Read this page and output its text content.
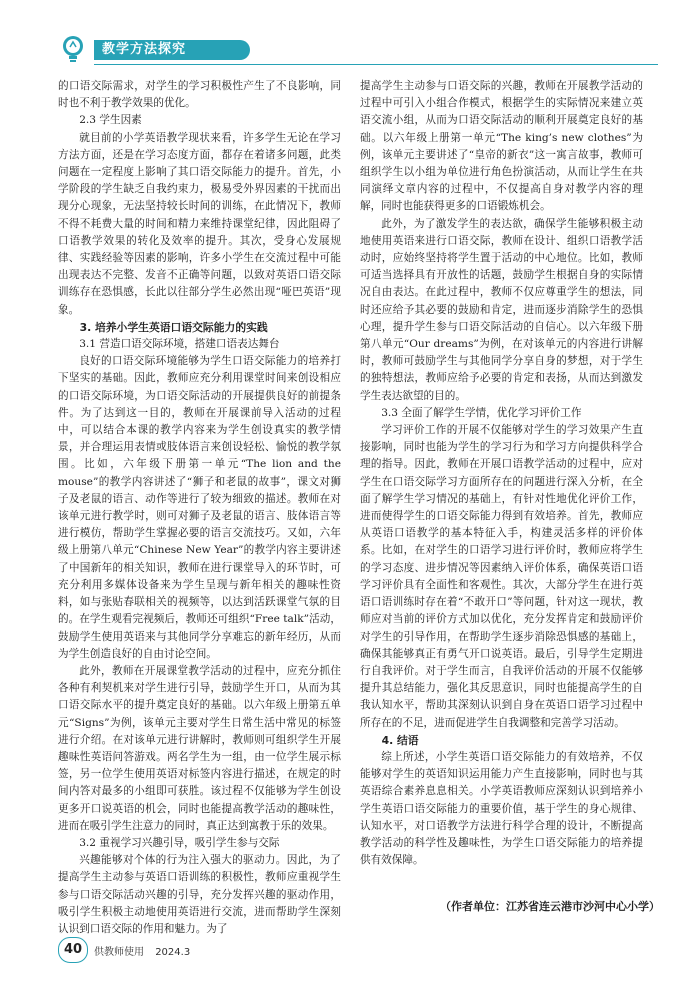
教学方法探究

的口语交际需求，对学生的学习积极性产生了不良影响，同时也不利于教学效果的优化。

2.3 学生因素

就目前的小学英语教学现状来看，许多学生无论在学习方法方面，还是在学习态度方面，都存在着诸多问题，此类问题在一定程度上影响了其口语交际能力的提升。首先，小学阶段的学生缺乏自我约束力，极易受外界因素的干扰而出现分心现象，无法坚持较长时间的训练，在此情况下，教师不得不耗费大量的时间和精力来维持课堂纪律，因此阻碍了口语教学效果的转化及效率的提升。其次，受身心发展规律、实践经验等因素的影响，许多小学生在交流过程中可能出现表达不完整、发音不正确等问题，以致对英语口语交际训练存在恐惧感，长此以往部分学生必然出现“哑巴英语”现象。

3. 培养小学生英语口语交际能力的实践
3.1 营造口语交际环境，搭建口语表达舞台

良好的口语交际环境能够为学生口语交际能力的培养打下坚实的基础。因此，教师应充分利用课堂时间来创设相应的口语交际环境，为口语交际活动的开展提供良好的前提条件。为了达到这一目的，教师在开展课前导入活动的过程中，可以结合本课的教学内容来为学生创设真实的教学情景，并合理运用表情或肢体语言来创设轻松、愉悦的教学氛围。比如，六年级下册第一单元“The lion and the mouse”的教学内容讲述了“狮子和老鼠的故事”，课文对狮子及老鼠的语言、动作等进行了较为细致的描述。教师在对该单元进行教学时，则可对狮子及老鼠的语言、肢体语言等进行模仿，帮助学生掌握必要的语言交流技巧。又如，六年级上册第八单元“Chinese New Year”的教学内容主要讲述了中国新年的相关知识，教师在进行课堂导入的环节时，可充分利用多媒体设备来为学生呈现与新年相关的趣味性资料，如与张贴春联相关的视频等，以达到活跃课堂气氛的目的。在学生观看完视频后，教师还可组织“Free talk”活动，鼓励学生使用英语来与其他同学分享难忘的新年经历，从而为学生创造良好的自由讨论空间。

此外，教师在开展课堂教学活动的过程中，应充分抓住各种有利契机来对学生进行引导，鼓励学生开口，从而为其口语交际水平的提升奠定良好的基础。以六年级上册第五单元“Signs”为例，该单元主要对学生日常生活中常见的标签进行介绍。在对该单元进行讲解时，教师则可组织学生开展趣味性英语问答游戏。两名学生为一组，由一位学生展示标签，另一位学生使用英语对标签内容进行描述，在规定的时间内答对最多的小组即可获胜。该过程不仅能够为学生创设更多开口说英语的机会，同时也能提高教学活动的趣味性，进而在吸引学生注意力的同时，真正达到寓教于乐的效果。

3.2 重视学习兴趣引导，吸引学生参与交际

兴趣能够对个体的行为注入强大的驱动力。因此，为了提高学生主动参与英语口语训练的积极性，教师应重视学生参与口语交际活动兴趣的引导，充分发挥兴趣的驱动作用，吸引学生积极主动地使用英语进行交流，进而帮助学生深刻认识到口语交际的作用和魅力。为了

提高学生主动参与口语交际的兴趣，教师在开展教学活动的过程中可引入小组合作模式，根据学生的实际情况来建立英语交流小组，从而为口语交际活动的顺利开展奠定良好的基础。以六年级上册第一单元“The king’s new clothes”为例，该单元主要讲述了“皇帝的新衣”这一寓言故事，教师可组织学生以小组为单位进行角色扮演活动，从而让学生在共同演绎文章内容的过程中，不仅提高自身对教学内容的理解，同时也能获得更多的口语锻炼机会。

此外，为了激发学生的表达欲，确保学生能够积极主动地使用英语来进行口语交际，教师在设计、组织口语教学活动时，应始终坚持将学生置于活动的中心地位。比如，教师可适当选择具有开放性的话题，鼓励学生根据自身的实际情况自由表达。在此过程中，教师不仅应尊重学生的想法，同时还应给予其必要的鼓励和肯定，进而逐步消除学生的恐惧心理，提升学生参与口语交际活动的自信心。以六年级下册第八单元“Our dreams”为例，在对该单元的内容进行讲解时，教师可鼓励学生与其他同学分享自身的梦想，对于学生的独特想法，教师应给予必要的肯定和表扬，从而达到激发学生表达欲望的目的。

3.3 全面了解学生学情，优化学习评价工作

学习评价工作的开展不仅能够对学生的学习效果产生直接影响，同时也能为学生的学习行为和学习方向提供科学合理的指导。因此，教师在开展口语教学活动的过程中，应对学生在口语交际学习方面所存在的问题进行深入分析，在全面了解学生学习情况的基础上，有针对性地优化评价工作，进而使得学生的口语交际能力得到有效培养。首先，教师应从英语口语教学的基本特征入手，构建灵活多样的评价体系。比如，在对学生的口语学习进行评价时，教师应将学生的学习态度、进步情况等因素纳入评价体系，确保英语口语学习评价具有全面性和客观性。其次，大部分学生在进行英语口语训练时存在着“不敢开口”等问题，针对这一现状，教师应对当前的评价方式加以优化，充分发挥肯定和鼓励评价对学生的引导作用，在帮助学生逐步消除恐惧感的基础上，确保其能够真正有勇气开口说英语。最后，引导学生定期进行自我评价。对于学生而言，自我评价活动的开展不仅能够提升其总结能力，强化其反思意识，同时也能提高学生的自我认知水平，帮助其深刻认识到自身在英语口语学习过程中所存在的不足，进而促进学生自我调整和完善学习活动。

4. 结语

综上所述，小学生英语口语交际能力的有效培养，不仅能够对学生的英语知识运用能力产生直接影响，同时也与其英语综合素养息息相关。小学英语教师应深刻认识到培养小学生英语口语交际能力的重要价值，基于学生的身心规律、认知水平，对口语教学方法进行科学合理的设计，不断提高教学活动的科学性及趣味性，为学生口语交际能力的培养提供有效保障。

（作者单位：江苏省连云港市沙河中心小学）
40	供教师使用 2024.3
